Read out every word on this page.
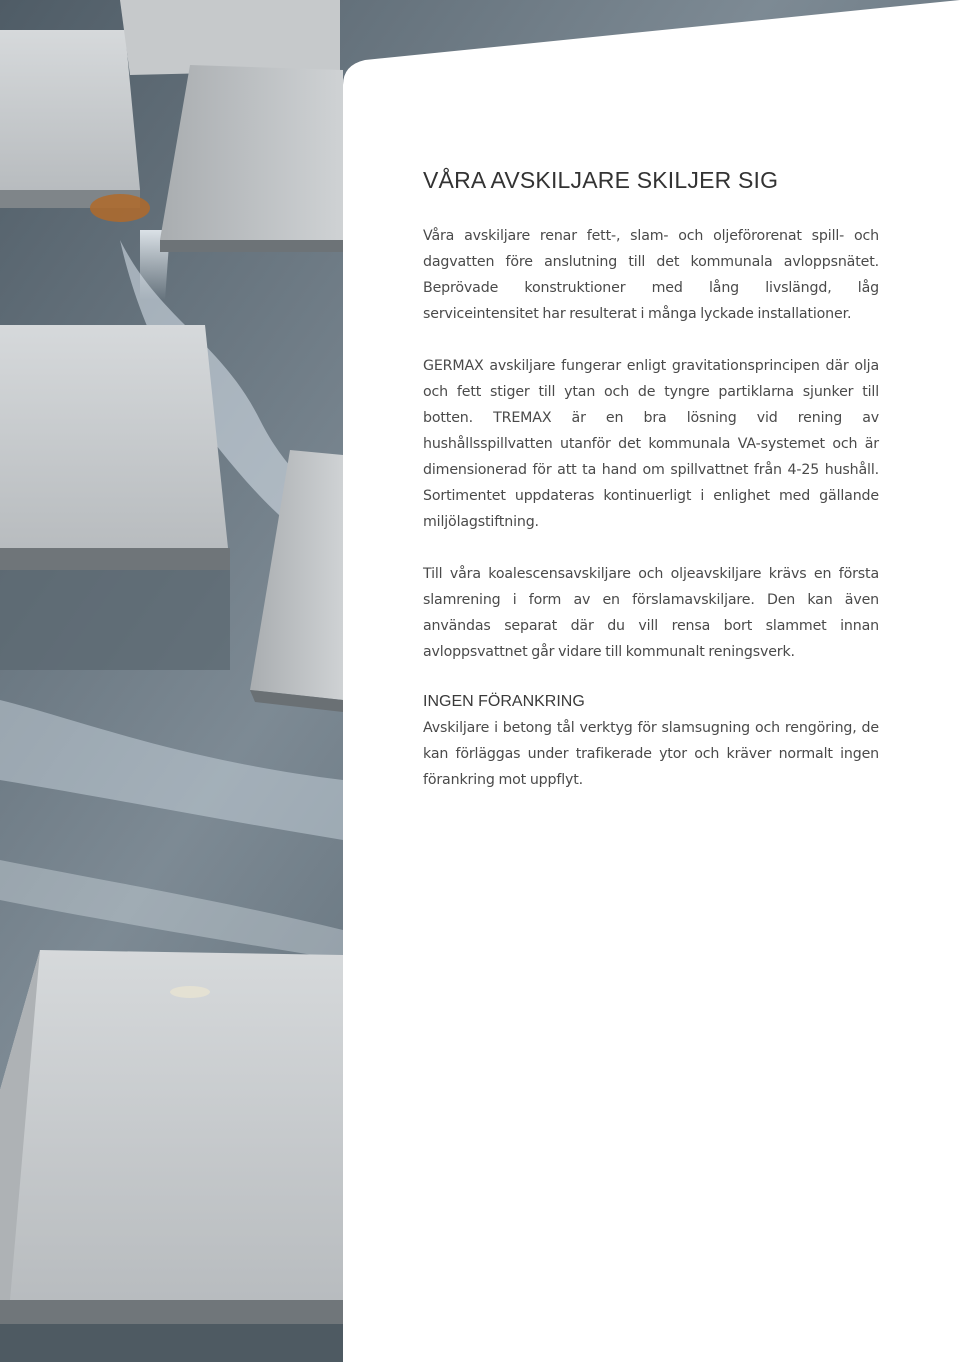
VÅRA AVSKILJARE SKILJER SIG

Våra avskiljare renar fett-, slam- och oljeförorenat spill- och dagvatten före anslutning till det kommunala avloppsnätet. Beprövade konstruktioner med lång livslängd, låg serviceintensitet har resulterat i många lyckade installationer.

GERMAX avskiljare fungerar enligt gravitationsprincipen där olja och fett stiger till ytan och de tyngre partiklarna sjunker till botten. TREMAX är en bra lösning vid rening av hushållsspillvatten utanför det kommunala VA-systemet och är dimensionerad för att ta hand om spillvattnet från 4-25 hushåll. Sortimentet uppdateras kontinuerligt i enlighet med gällande miljölagstiftning.

Till våra koalescensavskiljare och oljeavskiljare krävs en första slamrening i form av en förslamavskiljare. Den kan även användas separat där du vill rensa bort slammet innan avloppsvattnet går vidare till kommunalt reningsverk.

INGEN FÖRANKRING

Avskiljare i betong tål verktyg för slamsugning och rengöring, de kan förläggas under trafikerade ytor och kräver normalt ingen förankring mot uppflyt.
